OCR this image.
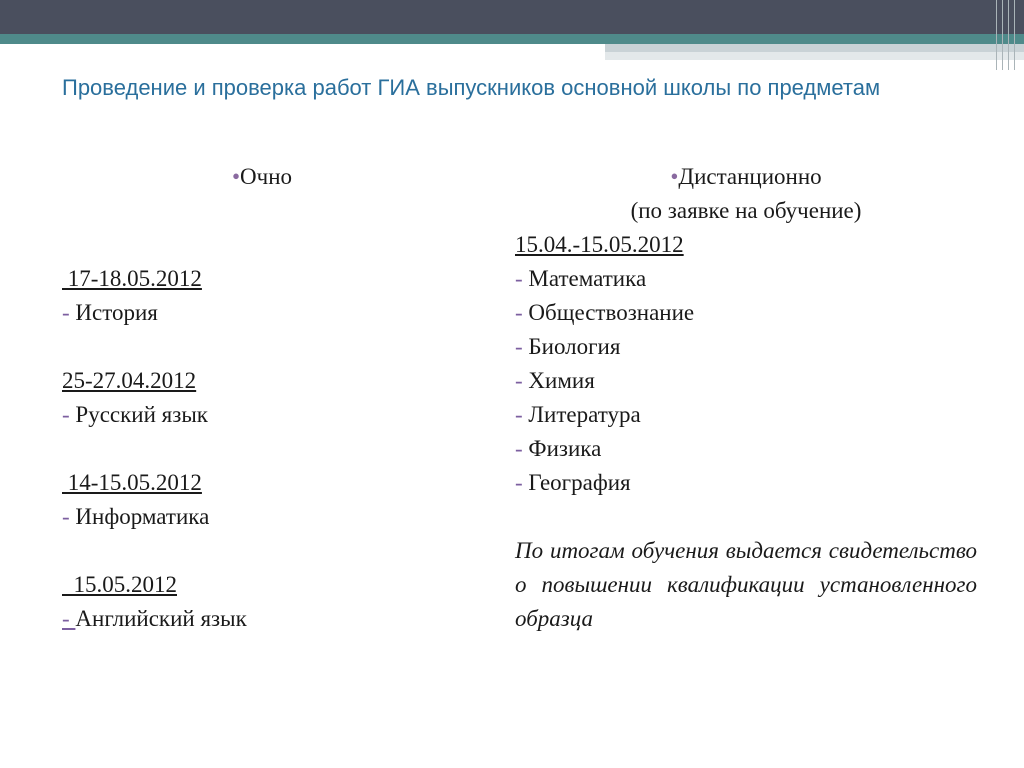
Проведение и проверка работ ГИА выпускников основной школы по предметам
•Очно
17-18.05.2012
- История
25-27.04.2012
- Русский язык
14-15.05.2012
- Информатика
15.05.2012
- Английский язык
•Дистанционно
(по заявке на обучение)
15.04.-15.05.2012
- Математика
- Обществознание
- Биология
- Химия
- Литература
- Физика
- География
По итогам обучения выдается свидетельство о повышении квалификации установленного образца
